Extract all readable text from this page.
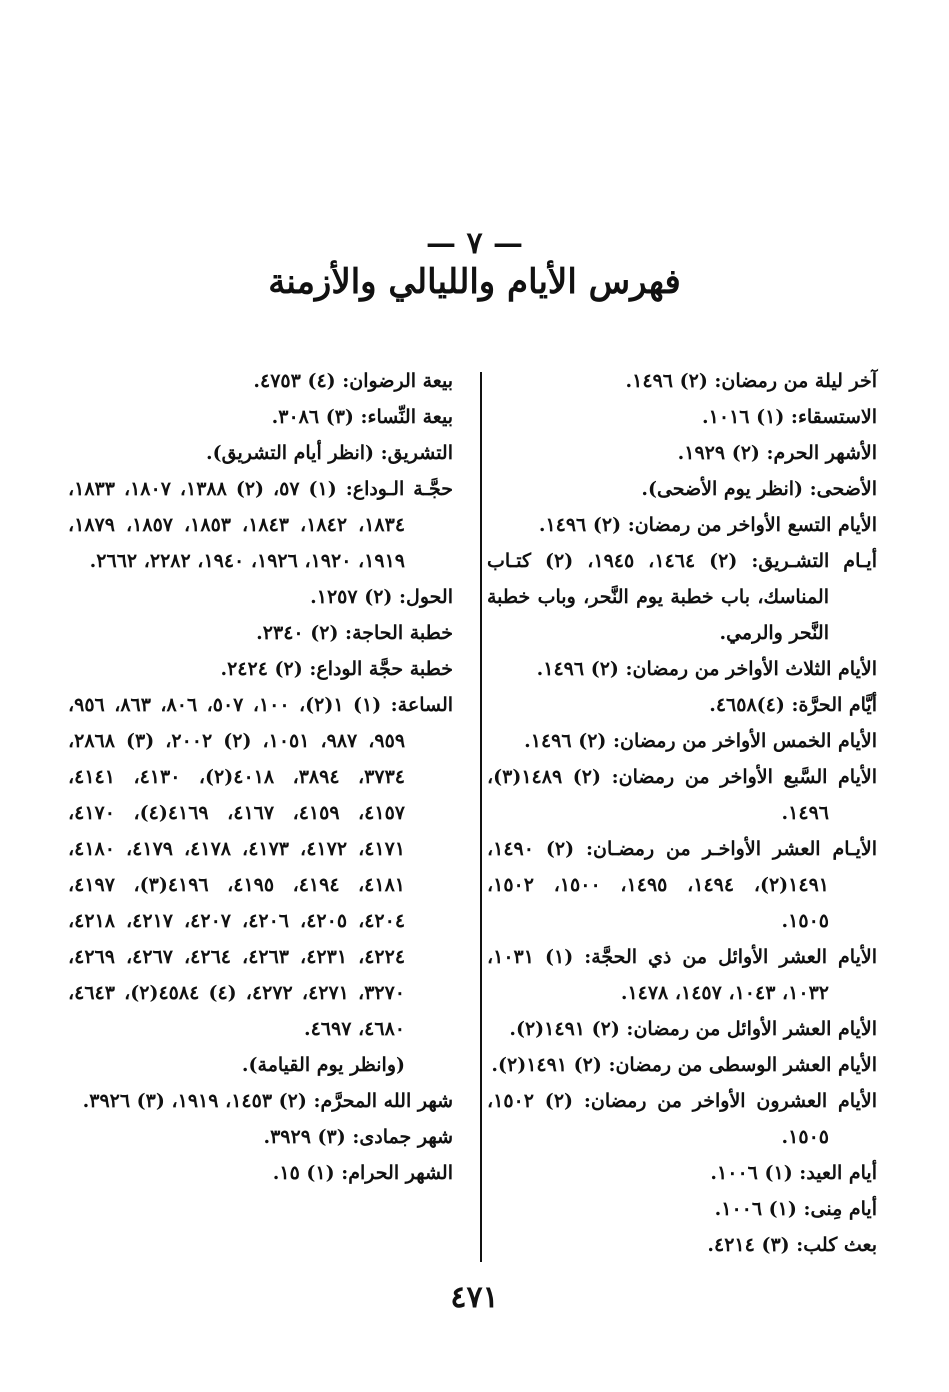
— ٧ —
فهرس الأيام والليالي والأزمنة
آخر ليلة من رمضان: (٢) ١٤٩٦.
الاستسقاء: (١) ١٠١٦.
الأشهر الحرم: (٢) ١٩٢٩.
الأضحى: (انظر يوم الأضحى).
الأيام التسع الأواخر من رمضان: (٢) ١٤٩٦.
أيـام التشـريق: (٢) ١٤٦٤، ١٩٤٥، (٢) كتـاب المناسك، باب خطبة يوم النَّحر، وباب خطبة النَّحر والرمي.
الأيام الثلاث الأواخر من رمضان: (٢) ١٤٩٦.
أيَّام الحرَّة: (٤)٤٦٥٨.
الأيام الخمس الأواخر من رمضان: (٢) ١٤٩٦.
الأيام السَّبع الأواخر من رمضان: (٢) ١٤٨٩(٣)، ١٤٩٦.
الأيـام العشر الأواخـر من رمضـان: (٢) ١٤٩٠، ١٤٩١(٢)، ١٤٩٤، ١٤٩٥، ١٥٠٠، ١٥٠٢، ١٥٠٥.
الأيام العشر الأوائل من ذي الحجَّة: (١) ١٠٣١، ١٠٣٢، ١٠٤٣، ١٤٥٧، ١٤٧٨.
الأيام العشر الأوائل من رمضان: (٢) ١٤٩١(٢).
الأيام العشر الوسطى من رمضان: (٢) ١٤٩١(٢).
الأيام العشرون الأواخر من رمضان: (٢) ١٥٠٢، ١٥٠٥.
أيام العيد: (١) ١٠٠٦.
أيام مِنى: (١) ١٠٠٦.
بعث كلب: (٣) ٤٢١٤.
بيعة الرضوان: (٤) ٤٧٥٣.
بيعة النِّساء: (٣) ٣٠٨٦.
التشريق: (انظر أيام التشريق).
حجَّـة الـوداع: (١) ٥٧، (٢) ١٣٨٨، ١٨٠٧، ١٨٣٣، ١٨٣٤، ١٨٤٢، ١٨٤٣، ١٨٥٣، ١٨٥٧، ١٨٧٩، ١٩١٩، ١٩٢٠، ١٩٢٦، ١٩٤٠، ٢٢٨٢، ٢٦٦٢.
الحول: (٢) ١٢٥٧.
خطبة الحاجة: (٢) ٢٣٤٠.
خطبة حجَّة الوداع: (٢) ٢٤٢٤.
الساعة: (١) ١(٢)، ١٠٠، ٥٠٧، ٨٠٦، ٨٦٣، ٩٥٦، ٩٥٩، ٩٨٧، ١٠٥١، (٢) ٢٠٠٢، (٣) ٢٨٦٨، ٣٧٣٤، ٣٨٩٤، ٤٠١٨(٢)، ٤١٣٠، ٤١٤١، ٤١٥٧، ٤١٥٩، ٤١٦٧، ٤١٦٩(٤)، ٤١٧٠، ٤١٧١، ٤١٧٢، ٤١٧٣، ٤١٧٨، ٤١٧٩، ٤١٨٠، ٤١٨١، ٤١٩٤، ٤١٩٥، ٤١٩٦(٣)، ٤١٩٧، ٤٢٠٤، ٤٢٠٥، ٤٢٠٦، ٤٢٠٧، ٤٢١٧، ٤٢١٨، ٤٢٢٤، ٤٢٣١، ٤٢٦٣، ٤٢٦٤، ٤٢٦٧، ٤٢٦٩، ٣٢٧٠، ٤٢٧١، ٤٢٧٢، (٤) ٤٥٨٤(٢)، ٤٦٤٣، ٤٦٨٠، ٤٦٩٧.
(وانظر يوم القيامة).
شهر الله المحرَّم: (٢) ١٤٥٣، ١٩١٩، (٣) ٣٩٢٦.
شهر جمادى: (٣) ٣٩٢٩.
الشهر الحرام: (١) ١٥.
٤٧١
